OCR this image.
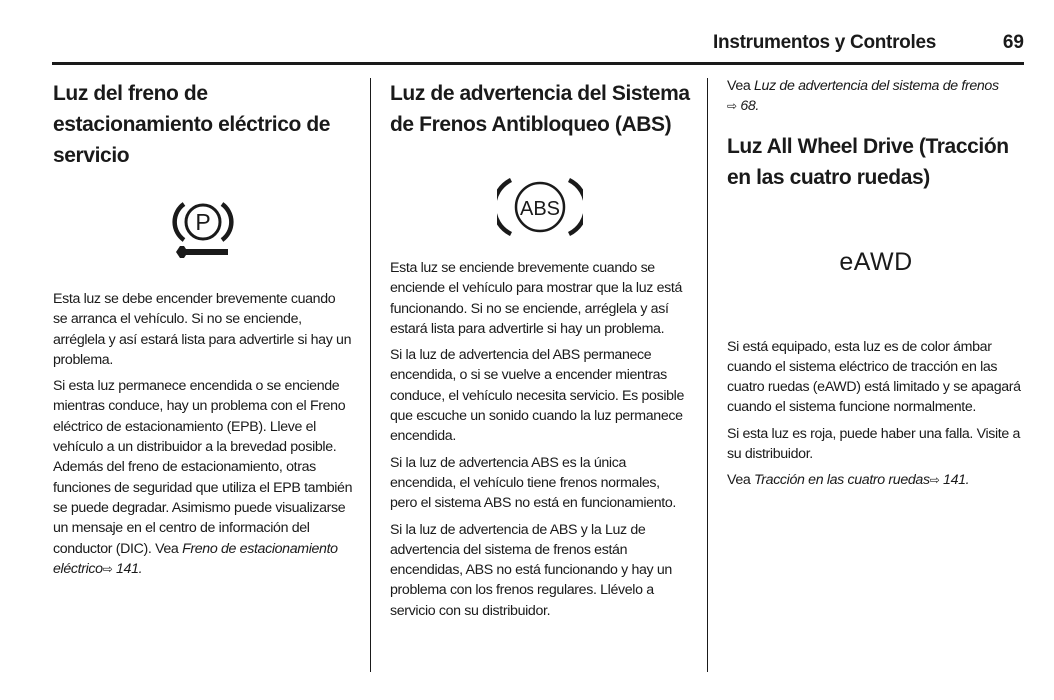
Instrumentos y Controles	69
Luz del freno de estacionamiento eléctrico de servicio
P

Esta luz se debe encender brevemente cuando se arranca el vehículo. Si no se enciende, arréglela y así estará lista para advertirle si hay un problema.

Si esta luz permanece encendida o se enciende mientras conduce, hay un problema con el Freno eléctrico de estacionamiento (EPB). Lleve el vehículo a un distribuidor a la brevedad posible. Además del freno de estacionamiento, otras funciones de seguridad que utiliza el EPB también se puede degradar. Asimismo puede visualizarse un mensaje en el centro de información del conductor (DIC). Vea Freno de estacionamiento eléctrico⇨ 141.

Luz de advertencia del Sistema de Frenos Antibloqueo (ABS)
ABS

Esta luz se enciende brevemente cuando se enciende el vehículo para mostrar que la luz está funcionando. Si no se enciende, arréglela y así estará lista para advertirle si hay un problema.

Si la luz de advertencia del ABS permanece encendida, o si se vuelve a encender mientras conduce, el vehículo necesita servicio. Es posible que escuche un sonido cuando la luz permanece encendida.

Si la luz de advertencia ABS es la única encendida, el vehículo tiene frenos normales, pero el sistema ABS no está en funcionamiento.

Si la luz de advertencia de ABS y la Luz de advertencia del sistema de frenos están encendidas, ABS no está funcionando y hay un problema con los frenos regulares. Llévelo a servicio con su distribuidor.

Vea Luz de advertencia del sistema de frenos
⇨ 68.

Luz All Wheel Drive (Tracción en las cuatro ruedas)
eAWD

Si está equipado, esta luz es de color ámbar cuando el sistema eléctrico de tracción en las cuatro ruedas (eAWD) está limitado y se apagará cuando el sistema funcione normalmente.

Si esta luz es roja, puede haber una falla. Visite a su distribuidor.

Vea Tracción en las cuatro ruedas⇨ 141.
